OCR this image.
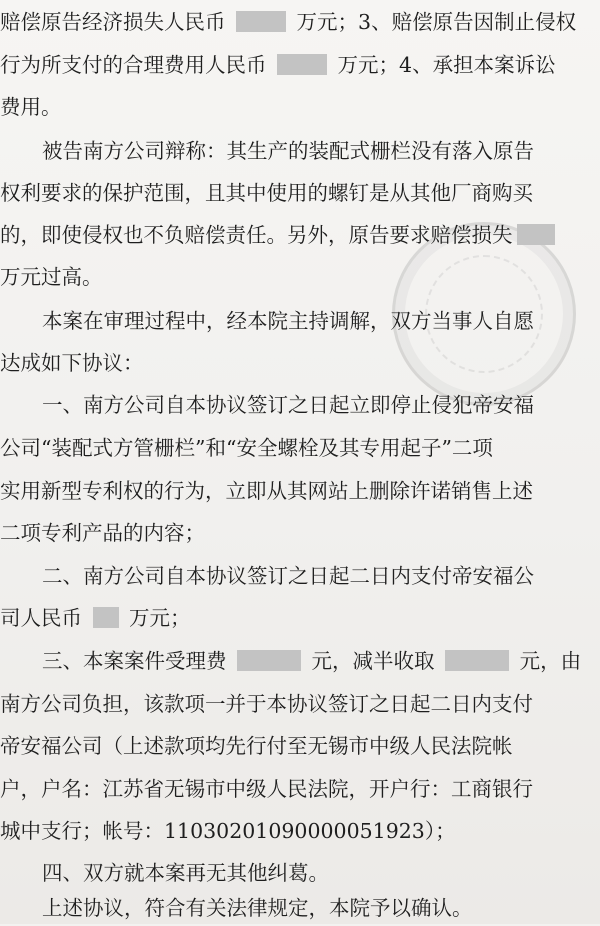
赔偿原告经济损失人民币	万元；3、赔偿原告因制止侵权
行为所支付的合理费用人民币	万元；4、承担本案诉讼
费用。
被告南方公司辩称：其生产的装配式栅栏没有落入原告
权利要求的保护范围，且其中使用的螺钉是从其他厂商购买
的，即使侵权也不负赔偿责任。另外，原告要求赔偿损失
万元过高。
本案在审理过程中，经本院主持调解，双方当事人自愿
达成如下协议：
一、南方公司自本协议签订之日起立即停止侵犯帝安福
公司“装配式方管栅栏”和“安全螺栓及其专用起子”二项
实用新型专利权的行为，立即从其网站上删除许诺销售上述
二项专利产品的内容；
二、南方公司自本协议签订之日起二日内支付帝安福公
司人民币  万元；
三、本案案件受理费	元，减半收取	元，由
南方公司负担，该款项一并于本协议签订之日起二日内支付
帝安福公司（上述款项均先行付至无锡市中级人民法院帐
户，户名：江苏省无锡市中级人民法院，开户行：工商银行
城中支行；帐号：11030201090000051923）；
四、双方就本案再无其他纠葛。
上述协议，符合有关法律规定，本院予以确认。
